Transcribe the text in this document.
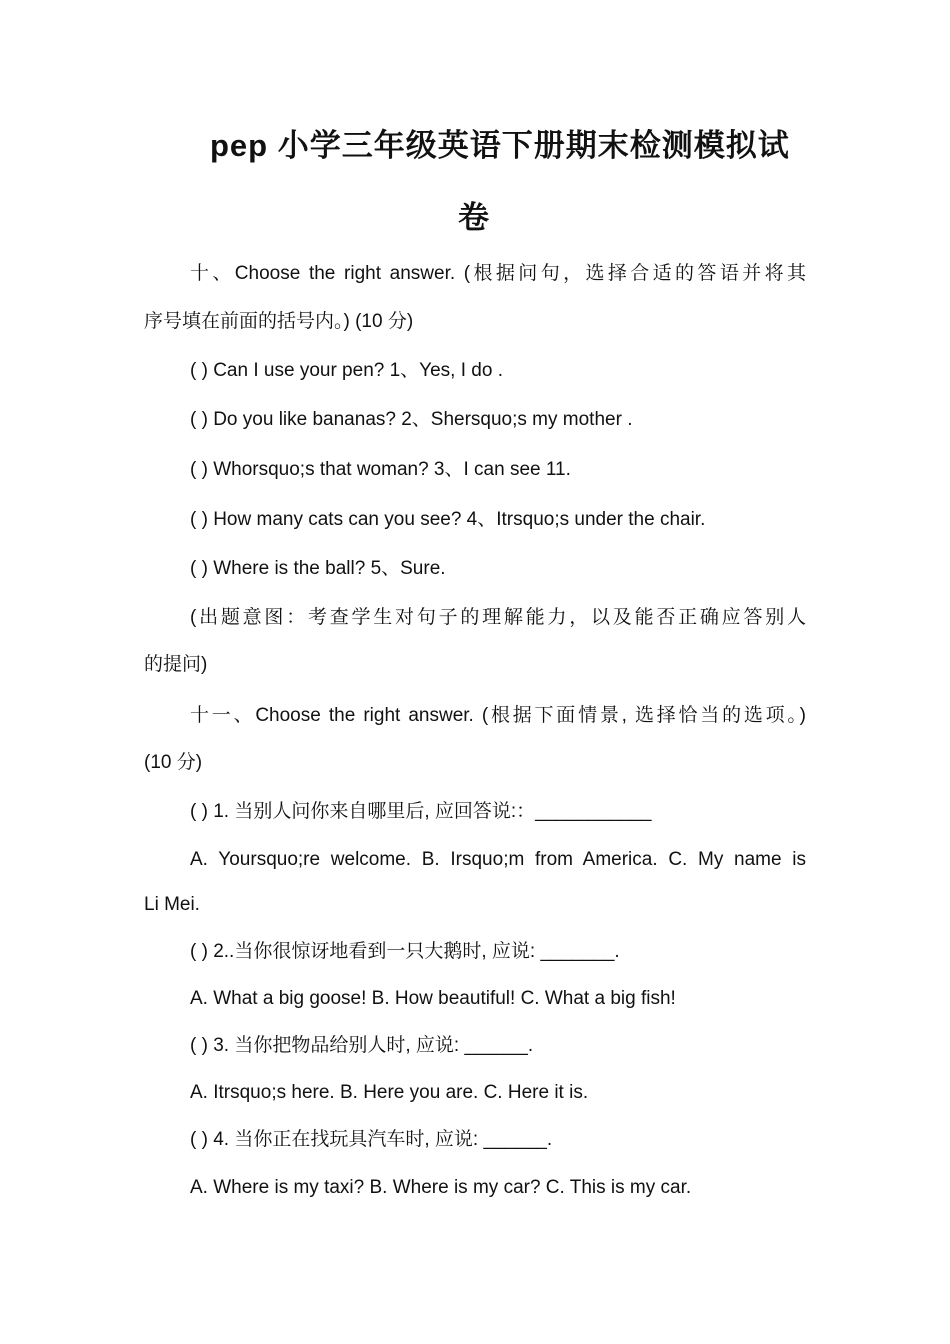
pep 小学三年级英语下册期末检测模拟试
卷
十、Choose the right answer. (根据问句，选择合适的答语并将其
序号填在前面的括号内。) (10 分)
( ) Can I use your pen? 1、Yes, I do .
( ) Do you like bananas? 2、Shersquo;s my mother .
( ) Whorsquo;s that woman? 3、I can see 11.
( ) How many cats can you see? 4、Itrsquo;s under the chair.
( ) Where is the ball? 5、Sure.
(出题意图：考查学生对句子的理解能力，以及能否正确应答别人
的提问)
十一、Choose the right answer. (根据下面情景, 选择恰当的选项。)
(10 分)
( ) 1. 当别人问你来自哪里后, 应回答说:：___________
A. Yoursquo;re welcome. B. Irsquo;m from America. C. My name is
Li Mei.
( ) 2..当你很惊讶地看到一只大鹅时, 应说: _______.
A. What a big goose! B. How beautiful! C. What a big fish!
( ) 3. 当你把物品给别人时, 应说: ______.
A. Itrsquo;s here. B. Here you are. C. Here it is.
( ) 4. 当你正在找玩具汽车时, 应说: ______.
A. Where is my taxi? B. Where is my car? C. This is my car.
